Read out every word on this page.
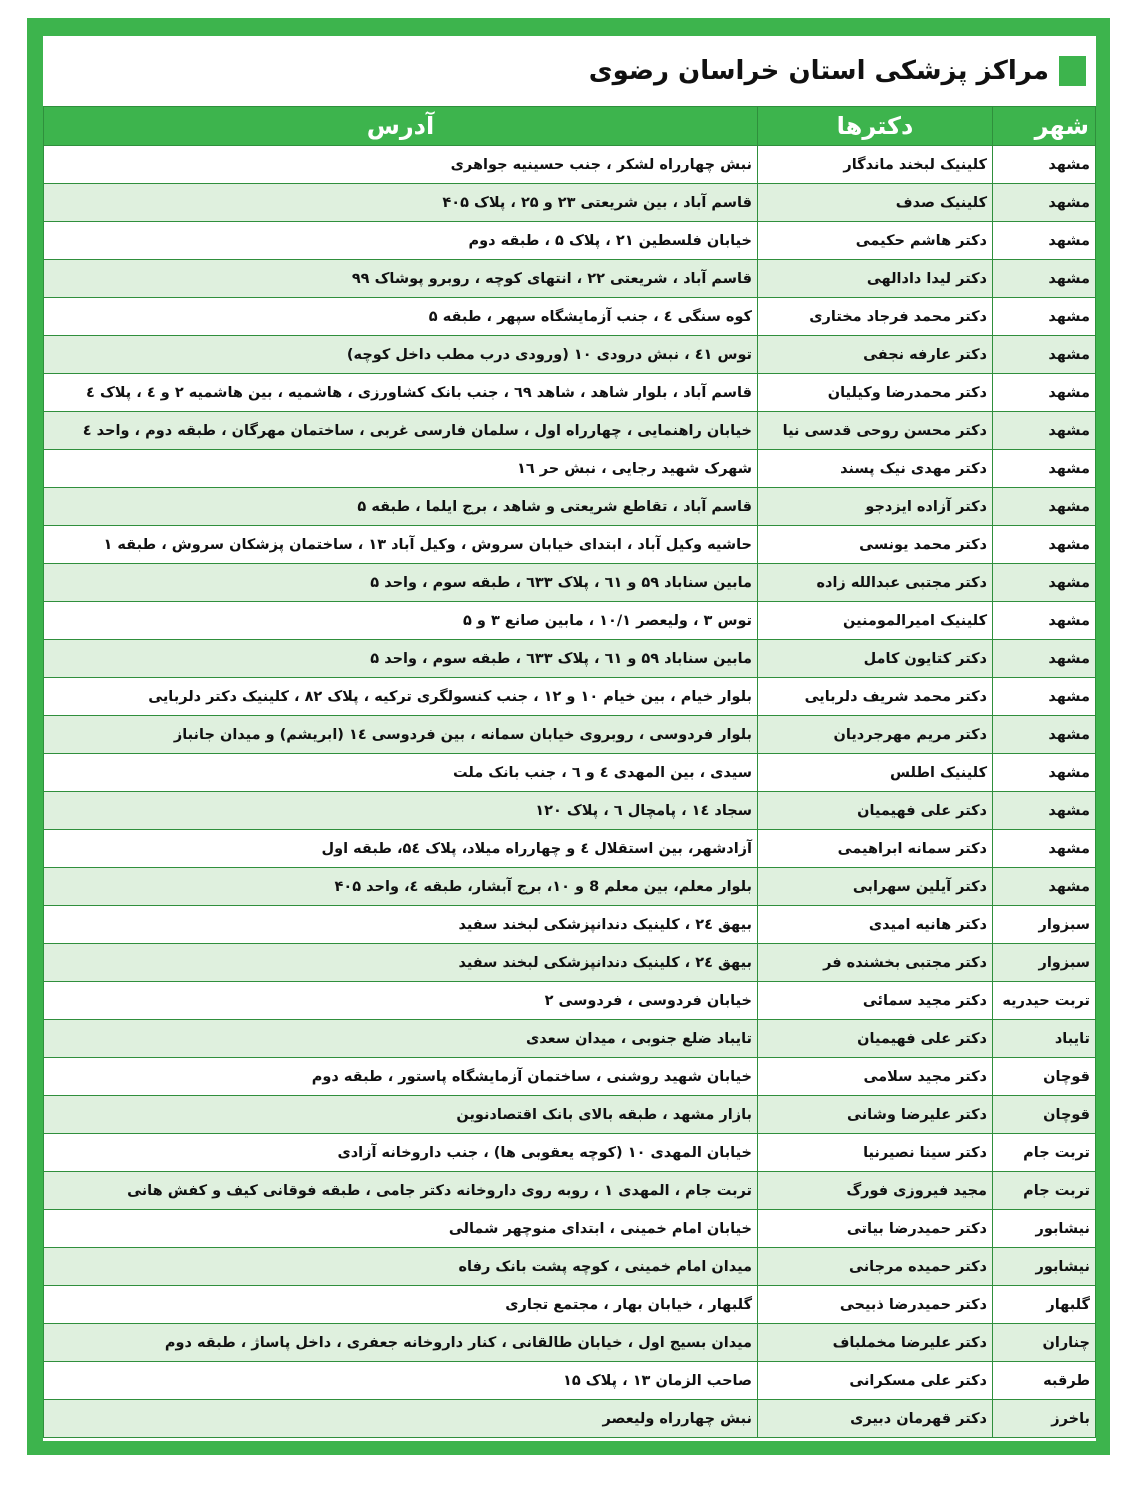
مراکز پزشکی استان خراسان رضوی
شهر	دکترها	آدرس
مشهد	کلینیک لبخند ماندگار	نبش چهارراه لشکر ، جنب حسینیه جواهری
مشهد	کلینیک صدف	قاسم آباد ، بین شریعتی ۲۳ و ۲۵ ، پلاک ۴۰۵
مشهد	دکتر هاشم حکیمی	خیابان فلسطین ۲۱ ، پلاک ۵ ، طبقه دوم
مشهد	دکتر لیدا دادالهی	قاسم آباد ، شریعتی ۲۲ ، انتهای کوچه ، روبرو پوشاک ۹۹
مشهد	دکتر محمد فرجاد مختاری	کوه سنگی ٤ ، جنب آزمایشگاه سپهر ، طبقه ۵
مشهد	دکتر عارفه نجفی	توس ٤١ ، نبش درودی ۱۰ (ورودی درب مطب داخل کوچه)
مشهد	دکتر محمدرضا وکیلیان	قاسم آباد ، بلوار شاهد ، شاهد ٦٩ ، جنب بانک کشاورزی ، هاشمیه ، بین هاشمیه ۲ و ٤ ، پلاک ٤
مشهد	دکتر محسن روحی قدسی نیا	خیابان راهنمایی ، چهارراه اول ، سلمان فارسی غربی ، ساختمان مهرگان ، طبقه دوم ، واحد ٤
مشهد	دکتر مهدی نیک پسند	شهرک شهید رجایی ، نبش حر ١٦
مشهد	دکتر آزاده ایزدجو	قاسم آباد ، تقاطع شریعتی و شاهد ، برج ایلما ، طبقه ۵
مشهد	دکتر محمد یونسی	حاشیه وکیل آباد ، ابتدای خیابان سروش ، وکیل آباد ۱۳ ، ساختمان پزشکان سروش ، طبقه ۱
مشهد	دکتر مجتبی عبدالله زاده	مابین سناباد ۵۹ و ٦١ ، پلاک ٦٣٣ ، طبقه سوم ، واحد ۵
مشهد	کلینیک امیرالمومنین	توس ۳ ، ولیعصر ۱۰/۱ ، مابین صانع ۳ و ۵
مشهد	دکتر کتایون کامل	مابین سناباد ۵۹ و ٦١ ، پلاک ٦٣٣ ، طبقه سوم ، واحد ۵
مشهد	دکتر محمد شریف دلربایی	بلوار خیام ، بین خیام ۱۰ و ۱۲ ، جنب کنسولگری ترکیه ، پلاک ۸۲ ، کلینیک دکتر دلربایی
مشهد	دکتر مریم مهرجردیان	بلوار فردوسی ، روبروی خیابان سمانه ، بین فردوسی ١٤ (ابریشم) و میدان جانباز
مشهد	کلینیک اطلس	سیدی ، بین المهدی ٤ و ٦ ، جنب بانک ملت
مشهد	دکتر علی فهیمیان	سجاد ١٤ ، پامچال ٦ ، پلاک ۱۲۰
مشهد	دکتر سمانه ابراهیمی	آزادشهر، بین استقلال ٤ و چهارراه میلاد، پلاک ۵٤، طبقه اول
مشهد	دکتر آیلین سهرابی	بلوار معلم، بین معلم 8 و ۱۰، برج آبشار، طبقه ٤، واحد ۴۰۵
سبزوار	دکتر هانیه امیدی	بیهق ٢٤ ، کلینیک دندانپزشکی لبخند سفید
سبزوار	دکتر مجتبی بخشنده فر	بیهق ٢٤ ، کلینیک دندانپزشکی لبخند سفید
تربت حیدریه	دکتر مجید سمائی	خیابان فردوسی ، فردوسی ۲
تایباد	دکتر علی فهیمیان	تایباد ضلع جنوبی ، میدان سعدی
قوچان	دکتر مجید سلامی	خیابان شهید روشنی ، ساختمان آزمایشگاه پاستور ، طبقه دوم
قوچان	دکتر علیرضا وشانی	بازار مشهد ، طبقه بالای بانک اقتصادنوین
تربت جام	دکتر سینا نصیرنیا	خیابان المهدی ۱۰ (کوچه یعقوبی ها) ، جنب داروخانه آزادی
تربت جام	مجید فیروزی فورگ	تربت جام ، المهدی ۱ ، روبه روی داروخانه دکتر جامی ، طبقه فوقانی کیف و کفش هانی
نیشابور	دکتر حمیدرضا بیاتی	خیابان امام خمینی ، ابتدای منوچهر شمالی
نیشابور	دکتر حمیده مرجانی	میدان امام خمینی ، کوچه پشت بانک رفاه
گلبهار	دکتر حمیدرضا ذبیحی	گلبهار ، خیابان بهار ، مجتمع تجاری
چناران	دکتر علیرضا مخملباف	میدان بسیج اول ، خیابان طالقانی ، کنار داروخانه جعفری ، داخل پاساژ ، طبقه دوم
طرقبه	دکتر علی مسکرانی	صاحب الزمان ۱۳ ، پلاک ۱۵
باخرز	دکتر قهرمان دبیری	نبش چهارراه ولیعصر
